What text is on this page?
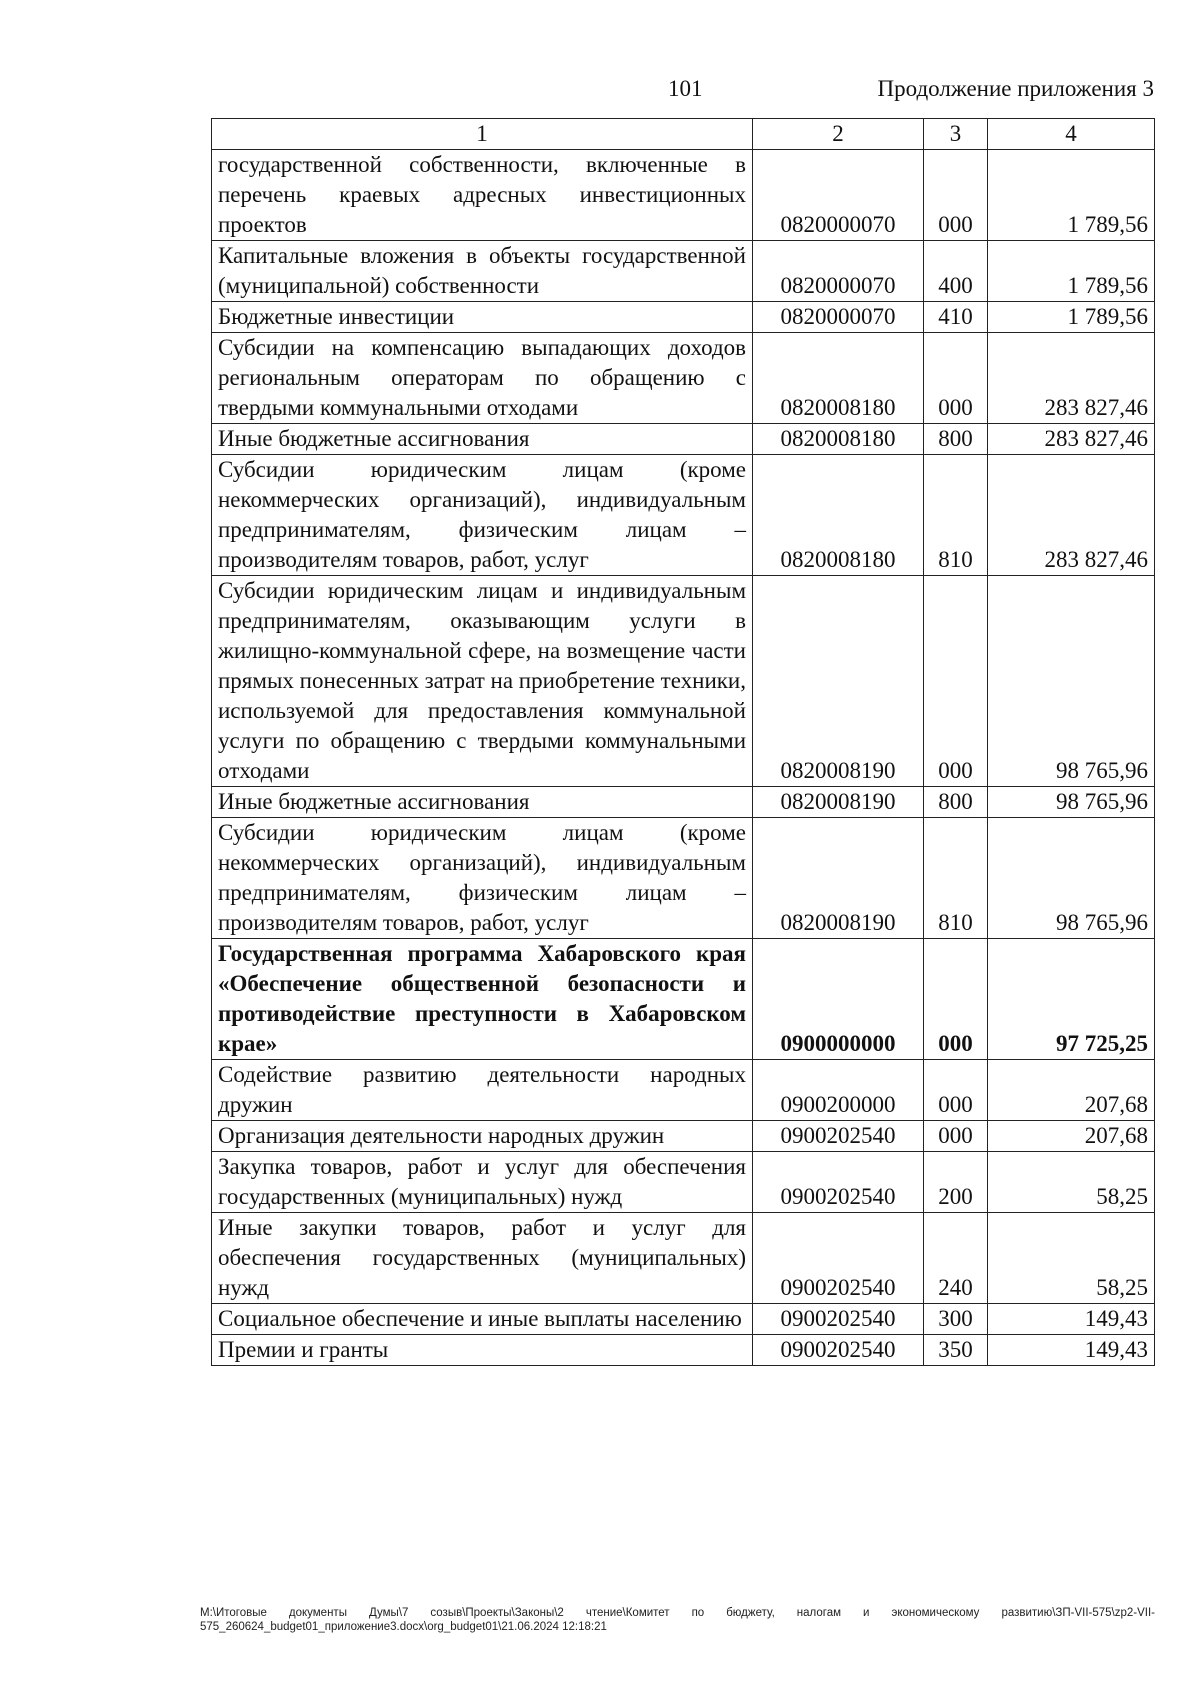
101	Продолжение приложения 3
1	2	3	4
государственной собственности, включенные в перечень краевых адресных инвестиционных проектов	0820000070	000	1 789,56
Капитальные вложения в объекты государственной (муниципальной) собственности	0820000070	400	1 789,56
Бюджетные инвестиции	0820000070	410	1 789,56
Субсидии на компенсацию выпадающих доходов региональным операторам по обращению с твердыми коммунальными отходами	0820008180	000	283 827,46
Иные бюджетные ассигнования	0820008180	800	283 827,46
Субсидии юридическим лицам (кроме некоммерческих организаций), индивидуальным предпринимателям, физическим лицам – производителям товаров, работ, услуг	0820008180	810	283 827,46
Субсидии юридическим лицам и индивидуальным предпринимателям, оказывающим услуги в жилищно-коммунальной сфере, на возмещение части прямых понесенных затрат на приобретение техники, используемой для предоставления коммунальной услуги по обращению с твердыми коммунальными отходами	0820008190	000	98 765,96
Иные бюджетные ассигнования	0820008190	800	98 765,96
Субсидии юридическим лицам (кроме некоммерческих организаций), индивидуальным предпринимателям, физическим лицам – производителям товаров, работ, услуг	0820008190	810	98 765,96
Государственная программа Хабаровского края «Обеспечение общественной безопасности и противодействие преступности в Хабаровском крае»	0900000000	000	97 725,25
Содействие развитию деятельности народных дружин	0900200000	000	207,68
Организация деятельности народных дружин	0900202540	000	207,68
Закупка товаров, работ и услуг для обеспечения государственных (муниципальных) нужд	0900202540	200	58,25
Иные закупки товаров, работ и услуг для обеспечения государственных (муниципальных) нужд	0900202540	240	58,25
Социальное обеспечение и иные выплаты населению	0900202540	300	149,43
Премии и гранты	0900202540	350	149,43
M:\Итоговые документы Думы\7 созыв\Проекты\Законы\2 чтение\Комитет по бюджету, налогам и экономическому развитию\ЗП-VII-575\zp2-VII-575_260624_budget01_приложение3.docx\org_budget01\21.06.2024 12:18:21
